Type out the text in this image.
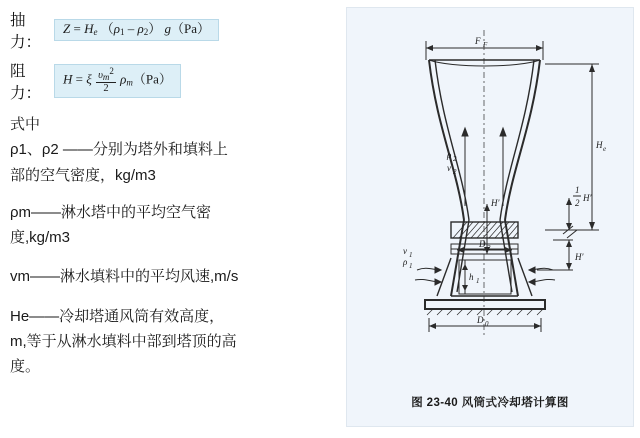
抽力：
$Z = H_e$ $(\rho_1 - \rho_2)$ g（Pa）
阻力：
H = ξ $\frac{\upsilon m2}{2} \rho_m(Pa)$

式中

ρ1、ρ2 ——分别为塔外和填料上

部的空气密度，kg/m3

ρm——淋水塔中的平均空气密

度,kg/m3

vm——淋水填料中的平均风速,m/s

He——冷却塔通风筒有效高度，

m,等于从淋水填料中部到塔顶的高

度。

F F
h 1
v 1
ρ 1
ρ 2
v 2
H'
D 2
D 0
H e
1
2 H'
H'
图 23-40 风筒式冷却塔计算图
